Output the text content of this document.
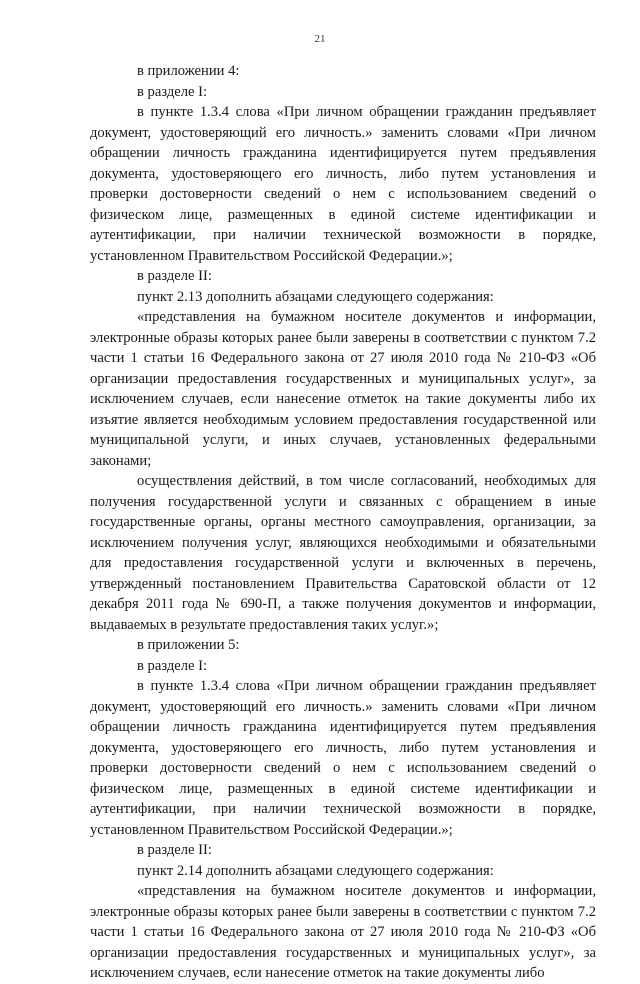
21

в приложении 4:

в разделе I:

в пункте 1.3.4 слова «При личном обращении гражданин предъявляет документ, удостоверяющий его личность.» заменить словами «При личном обращении личность гражданина идентифицируется путем предъявления документа, удостоверяющего его личность, либо путем установления и проверки достоверности сведений о нем с использованием сведений о физическом лице, размещенных в единой системе идентификации и аутентификации, при наличии технической возможности в порядке, установленном Правительством Российской Федерации.»;

в разделе II:

пункт 2.13 дополнить абзацами следующего содержания:

«представления на бумажном носителе документов и информации, электронные образы которых ранее были заверены в соответствии с пунктом 7.2 части 1 статьи 16 Федерального закона от 27 июля 2010 года № 210-ФЗ «Об организации предоставления государственных и муниципальных услуг», за исключением случаев, если нанесение отметок на такие документы либо их изъятие является необходимым условием предоставления государственной или муниципальной услуги, и иных случаев, установленных федеральными законами;

осуществления действий, в том числе согласований, необходимых для получения государственной услуги и связанных с обращением в иные государственные органы, органы местного самоуправления, организации, за исключением получения услуг, являющихся необходимыми и обязательными для предоставления государственной услуги и включенных в перечень, утвержденный постановлением Правительства Саратовской области от 12 декабря 2011 года № 690-П, а также получения документов и информации, выдаваемых в результате предоставления таких услуг.»;

в приложении 5:

в разделе I:

в пункте 1.3.4 слова «При личном обращении гражданин предъявляет документ, удостоверяющий его личность.» заменить словами «При личном обращении личность гражданина идентифицируется путем предъявления документа, удостоверяющего его личность, либо путем установления и проверки достоверности сведений о нем с использованием сведений о физическом лице, размещенных в единой системе идентификации и аутентификации, при наличии технической возможности в порядке, установленном Правительством Российской Федерации.»;

в разделе II:

пункт 2.14 дополнить абзацами следующего содержания:

«представления на бумажном носителе документов и информации, электронные образы которых ранее были заверены в соответствии с пунктом 7.2 части 1 статьи 16 Федерального закона от 27 июля 2010 года № 210-ФЗ «Об организации предоставления государственных и муниципальных услуг», за исключением случаев, если нанесение отметок на такие документы либо
